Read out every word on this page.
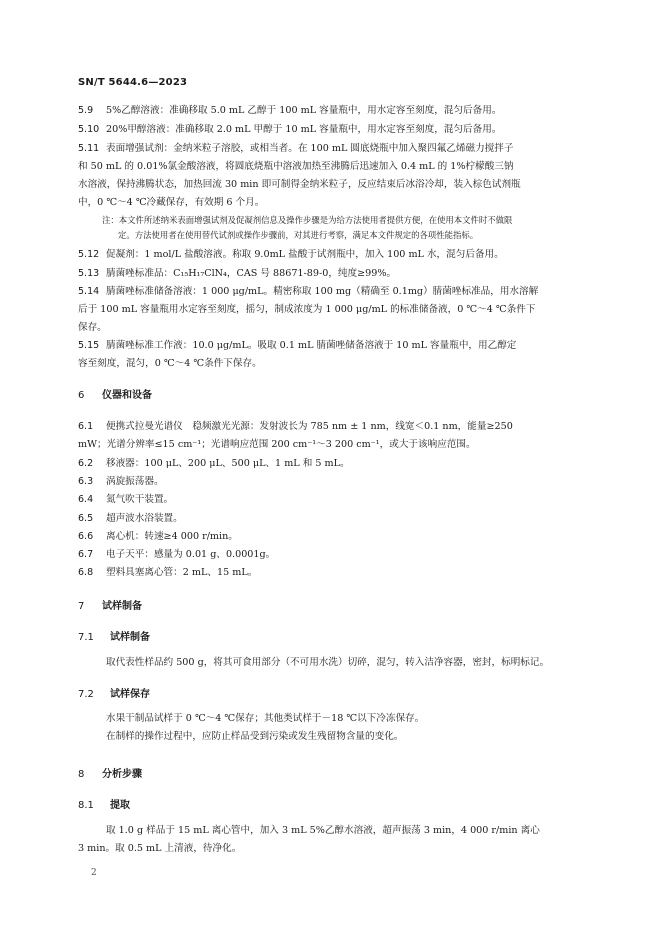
SN/T 5644.6—2023
5.9 5%乙醇溶液：准确移取 5.0 mL 乙醇于 100 mL 容量瓶中，用水定容至刻度，混匀后备用。
5.10 20%甲醇溶液：准确移取 2.0 mL 甲醇于 10 mL 容量瓶中，用水定容至刻度，混匀后备用。
5.11 表面增强试剂：金纳米粒子溶胶，或相当者。在 100 mL 圆底烧瓶中加入聚四氟乙烯磁力搅拌子
和 50 mL 的 0.01%氯金酸溶液，将圆底烧瓶中溶液加热至沸腾后迅速加入 0.4 mL 的 1%柠檬酸三钠
水溶液，保持沸腾状态，加热回流 30 min 即可制得金纳米粒子，反应结束后冰浴冷却，装入棕色试剂瓶
中，0 ℃～4 ℃冷藏保存，有效期 6 个月。
注：本文件所述纳米表面增强试剂及促凝剂信息及操作步骤是为给方法使用者提供方便，在使用本文件时不做限
定。方法使用者在使用替代试剂或操作步骤前，对其进行考察，满足本文件规定的各项性能指标。
5.12 促凝剂：1 mol/L 盐酸溶液。称取 9.0mL 盐酸于试剂瓶中，加入 100 mL 水，混匀后备用。
5.13 腈菌唑标准品：C₁₅H₁₇ClN₄，CAS 号 88671-89-0，纯度≥99%。
5.14 腈菌唑标准储备溶液：1 000 μg/mL。精密称取 100 mg（精确至 0.1mg）腈菌唑标准品，用水溶解
后于 100 mL 容量瓶用水定容至刻度，摇匀，制成浓度为 1 000 μg/mL 的标准储备液，0 ℃～4 ℃条件下
保存。
5.15 腈菌唑标准工作液：10.0 μg/mL。吸取 0.1 mL 腈菌唑储备溶液于 10 mL 容量瓶中，用乙醇定
容至刻度，混匀，0 ℃～4 ℃条件下保存。
6 仪器和设备
6.1 便携式拉曼光谱仪　稳频激光光源：发射波长为 785 nm ± 1 nm，线宽＜0.1 nm，能量≥250
mW；光谱分辨率≤15 cm⁻¹；光谱响应范围 200 cm⁻¹～3 200 cm⁻¹，或大于该响应范围。
6.2 移液器：100 μL、200 μL、500 μL、1 mL 和 5 mL。
6.3 涡旋振荡器。
6.4 氮气吹干装置。
6.5 超声波水浴装置。
6.6 离心机：转速≥4 000 r/min。
6.7 电子天平：感量为 0.01 g、0.0001g。
6.8 塑料具塞离心管：2 mL、15 mL。
7 试样制备
7.1 试样制备
取代表性样品约 500 g，将其可食用部分（不可用水洗）切碎，混匀，转入洁净容器，密封，标明标记。
7.2 试样保存
水果干制品试样于 0 ℃～4 ℃保存；其他类试样于－18 ℃以下冷冻保存。
在制样的操作过程中，应防止样品受到污染或发生残留物含量的变化。
8 分析步骤
8.1 提取
取 1.0 g 样品于 15 mL 离心管中，加入 3 mL 5%乙醇水溶液，超声振荡 3 min，4 000 r/min 离心
3 min。取 0.5 mL 上清液，待净化。
2
